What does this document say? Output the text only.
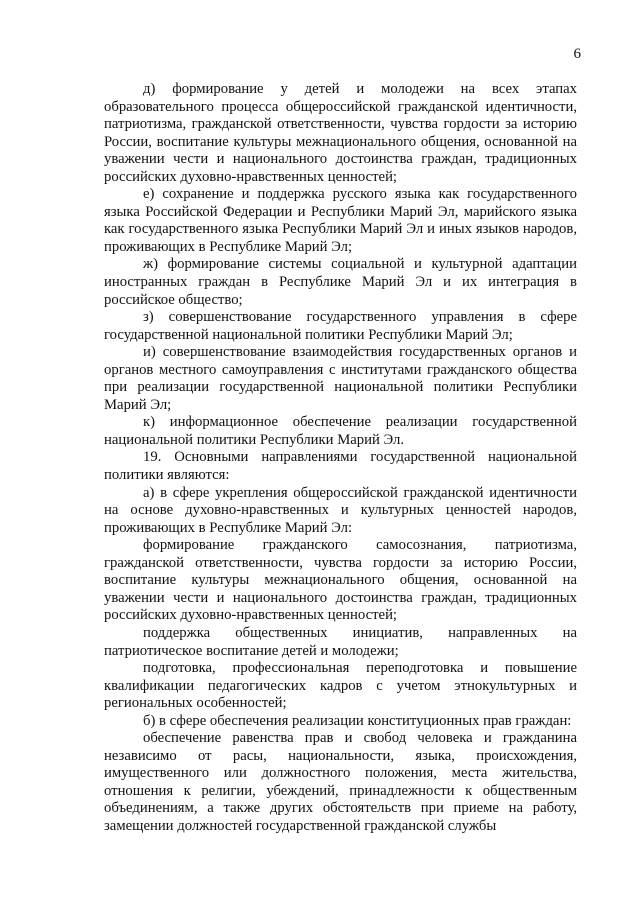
6

д) формирование у детей и молодежи на всех этапах образовательного процесса общероссийской гражданской идентичности, патриотизма, гражданской ответственности, чувства гордости за историю России, воспитание культуры межнационального общения, основанной на уважении чести и национального достоинства граждан, традиционных российских духовно-нравственных ценностей;

е) сохранение и поддержка русского языка как государственного языка Российской Федерации и Республики Марий Эл, марийского языка как государственного языка Республики Марий Эл и иных языков народов, проживающих в Республике Марий Эл;

ж) формирование системы социальной и культурной адаптации иностранных граждан в Республике Марий Эл и их интеграция в российское общество;

з) совершенствование государственного управления в сфере государственной национальной политики Республики Марий Эл;

и) совершенствование взаимодействия государственных органов и органов местного самоуправления с институтами гражданского общества при реализации государственной национальной политики Республики Марий Эл;

к) информационное обеспечение реализации государственной национальной политики Республики Марий Эл.

19. Основными направлениями государственной национальной политики являются:

а) в сфере укрепления общероссийской гражданской идентичности на основе духовно-нравственных и культурных ценностей народов, проживающих в Республике Марий Эл:

формирование гражданского самосознания, патриотизма, гражданской ответственности, чувства гордости за историю России, воспитание культуры межнационального общения, основанной на уважении чести и национального достоинства граждан, традиционных российских духовно-нравственных ценностей;

поддержка общественных инициатив, направленных на патриотическое воспитание детей и молодежи;

подготовка, профессиональная переподготовка и повышение квалификации педагогических кадров с учетом этнокультурных и региональных особенностей;

б) в сфере обеспечения реализации конституционных прав граждан:

обеспечение равенства прав и свобод человека и гражданина независимо от расы, национальности, языка, происхождения, имущественного или должностного положения, места жительства, отношения к религии, убеждений, принадлежности к общественным объединениям, а также других обстоятельств при приеме на работу, замещении должностей государственной гражданской службы
